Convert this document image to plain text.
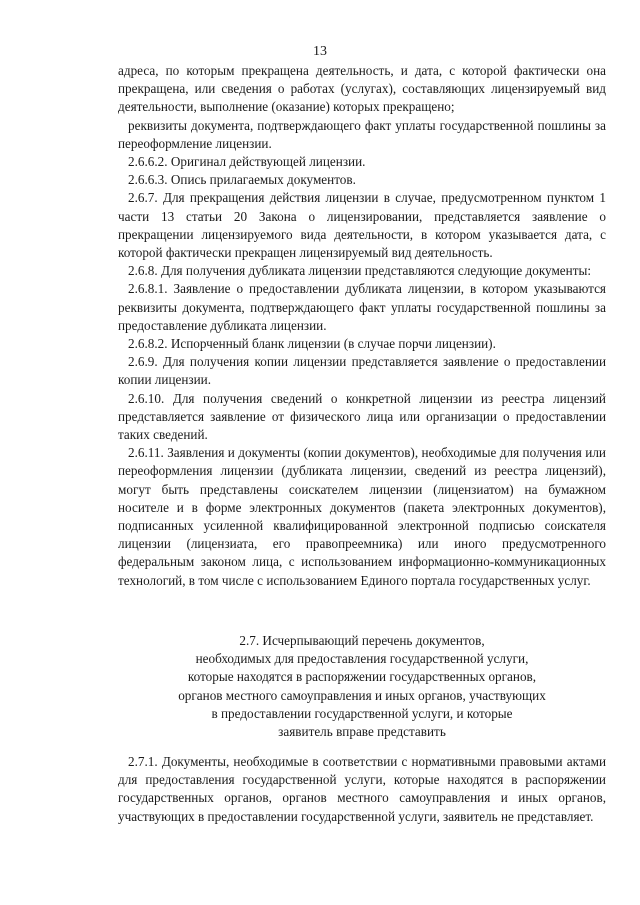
13

адреса, по которым прекращена деятельность, и дата, с которой фактически она прекращена, или сведения о работах (услугах), составляющих лицензируемый вид деятельности, выполнение (оказание) которых прекращено;

реквизиты документа, подтверждающего факт уплаты государственной пошлины за переоформление лицензии.

2.6.6.2. Оригинал действующей лицензии.

2.6.6.3. Опись прилагаемых документов.

2.6.7. Для прекращения действия лицензии в случае, предусмотренном пунктом 1 части 13 статьи 20 Закона о лицензировании, представляется заявление о прекращении лицензируемого вида деятельности, в котором указывается дата, с которой фактически прекращен лицензируемый вид деятельность.

2.6.8. Для получения дубликата лицензии представляются следующие документы:

2.6.8.1. Заявление о предоставлении дубликата лицензии, в котором указываются реквизиты документа, подтверждающего факт уплаты государственной пошлины за предоставление дубликата лицензии.

2.6.8.2. Испорченный бланк лицензии (в случае порчи лицензии).

2.6.9. Для получения копии лицензии представляется заявление о предоставлении копии лицензии.

2.6.10. Для получения сведений о конкретной лицензии из реестра лицензий представляется заявление от физического лица или организации о предоставлении таких сведений.

2.6.11. Заявления и документы (копии документов), необходимые для получения или переоформления лицензии (дубликата лицензии, сведений из реестра лицензий), могут быть представлены соискателем лицензии (лицензиатом) на бумажном носителе и в форме электронных документов (пакета электронных документов), подписанных усиленной квалифицированной электронной подписью соискателя лицензии (лицензиата, его правопреемника) или иного предусмотренного федеральным законом лица, с использованием информационно-коммуникационных технологий, в том числе с использованием Единого портала государственных услуг.

2.7. Исчерпывающий перечень документов,
необходимых для предоставления государственной услуги,
которые находятся в распоряжении государственных органов,
органов местного самоуправления и иных органов, участвующих
в предоставлении государственной услуги, и которые
заявитель вправе представить

2.7.1. Документы, необходимые в соответствии с нормативными правовыми актами для предоставления государственной услуги, которые находятся в распоряжении государственных органов, органов местного самоуправления и иных органов, участвующих в предоставлении государственной услуги, заявитель не представляет.
